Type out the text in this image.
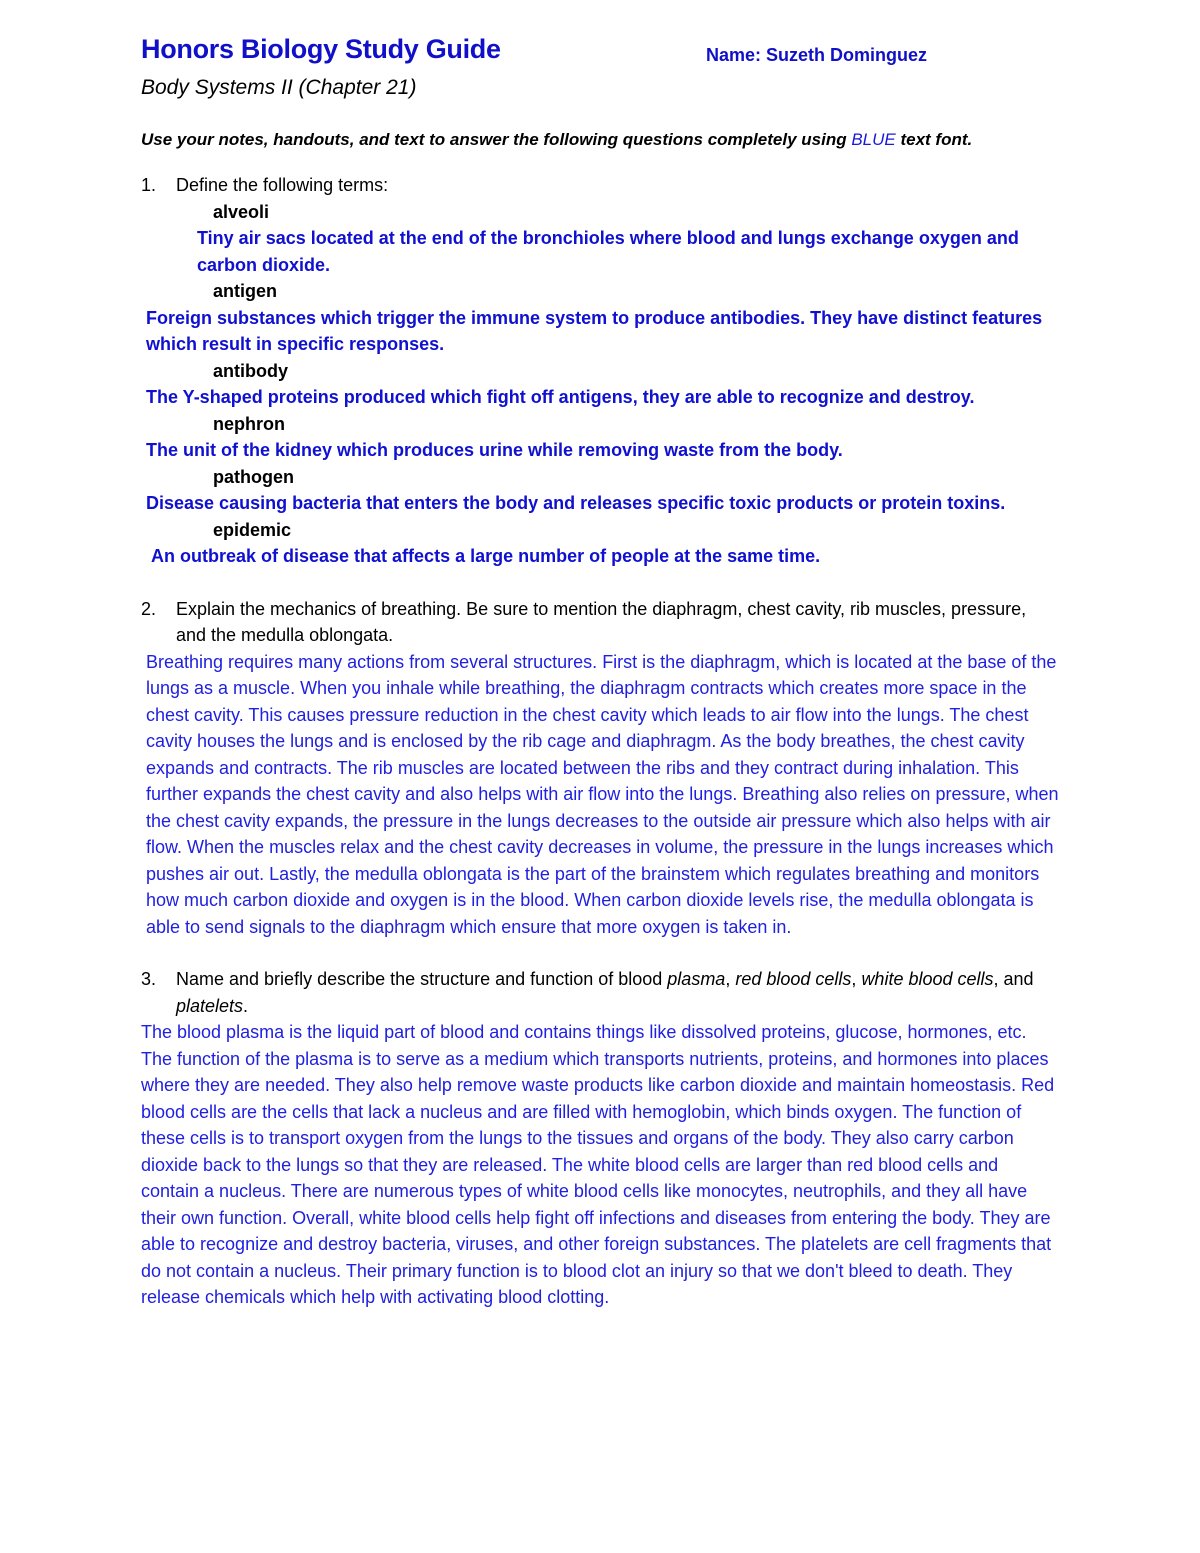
Honors Biology Study Guide	Name: Suzeth Dominguez
Body Systems II (Chapter 21)
Use your notes, handouts, and text to answer the following questions completely using BLUE text font.
1.	Define the following terms:
alveoli
Tiny air sacs located at the end of the bronchioles where blood and lungs exchange oxygen and carbon dioxide.
antigen
Foreign substances which trigger the immune system to produce antibodies. They have distinct features which result in specific responses.
antibody
The Y-shaped proteins produced which fight off antigens, they are able to recognize and destroy.
nephron
The unit of the kidney which produces urine while removing waste from the body.
pathogen
Disease causing bacteria that enters the body and releases specific toxic products or protein toxins.
epidemic
An outbreak of disease that affects a large number of people at the same time.
2.	Explain the mechanics of breathing. Be sure to mention the diaphragm, chest cavity, rib muscles, pressure, and the medulla oblongata.
Breathing requires many actions from several structures. First is the diaphragm, which is located at the base of the lungs as a muscle. When you inhale while breathing, the diaphragm contracts which creates more space in the chest cavity. This causes pressure reduction in the chest cavity which leads to air flow into the lungs. The chest cavity houses the lungs and is enclosed by the rib cage and diaphragm. As the body breathes, the chest cavity expands and contracts. The rib muscles are located between the ribs and they contract during inhalation. This further expands the chest cavity and also helps with air flow into the lungs. Breathing also relies on pressure, when the chest cavity expands, the pressure in the lungs decreases to the outside air pressure which also helps with air flow. When the muscles relax and the chest cavity decreases in volume, the pressure in the lungs increases which pushes air out. Lastly, the medulla oblongata is the part of the brainstem which regulates breathing and monitors how much carbon dioxide and oxygen is in the blood. When carbon dioxide levels rise, the medulla oblongata is able to send signals to the diaphragm which ensure that more oxygen is taken in.
3.	Name and briefly describe the structure and function of blood plasma, red blood cells, white blood cells, and platelets.
The blood plasma is the liquid part of blood and contains things like dissolved proteins, glucose, hormones, etc. The function of the plasma is to serve as a medium which transports nutrients, proteins, and hormones into places where they are needed. They also help remove waste products like carbon dioxide and maintain homeostasis. Red blood cells are the cells that lack a nucleus and are filled with hemoglobin, which binds oxygen. The function of these cells is to transport oxygen from the lungs to the tissues and organs of the body. They also carry carbon dioxide back to the lungs so that they are released. The white blood cells are larger than red blood cells and contain a nucleus. There are numerous types of white blood cells like monocytes, neutrophils, and they all have their own function. Overall, white blood cells help fight off infections and diseases from entering the body. They are able to recognize and destroy bacteria, viruses, and other foreign substances. The platelets are cell fragments that do not contain a nucleus. Their primary function is to blood clot an injury so that we don't bleed to death. They release chemicals which help with activating blood clotting.
